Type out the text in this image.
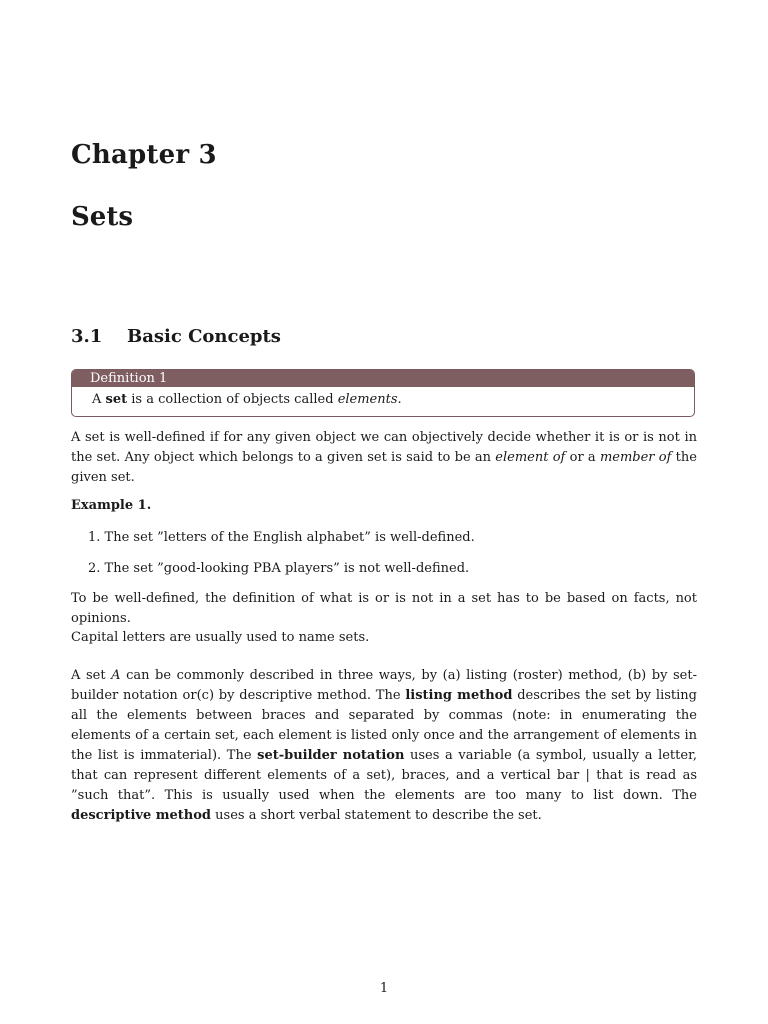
Chapter 3
Sets
3.1	Basic Concepts
Definition 1
A set is a collection of objects called elements.

A set is well-defined if for any given object we can objectively decide whether it is or is not in the set. Any object which belongs to a given set is said to be an element of or a member of the given set.

Example 1.

1. The set ”letters of the English alphabet” is well-defined.

2. The set ”good-looking PBA players” is not well-defined.

To be well-defined, the definition of what is or is not in a set has to be based on facts, not opinions.

Capital letters are usually used to name sets.

A set A can be commonly described in three ways, by (a) listing (roster) method, (b) by set-builder notation or(c) by descriptive method. The listing method describes the set by listing all the elements between braces and separated by commas (note: in enumerating the elements of a certain set, each element is listed only once and the arrangement of elements in the list is immaterial). The set-builder notation uses a variable (a symbol, usually a letter, that can represent different elements of a set), braces, and a vertical bar | that is read as ”such that”. This is usually used when the elements are too many to list down. The descriptive method uses a short verbal statement to describe the set.

1
